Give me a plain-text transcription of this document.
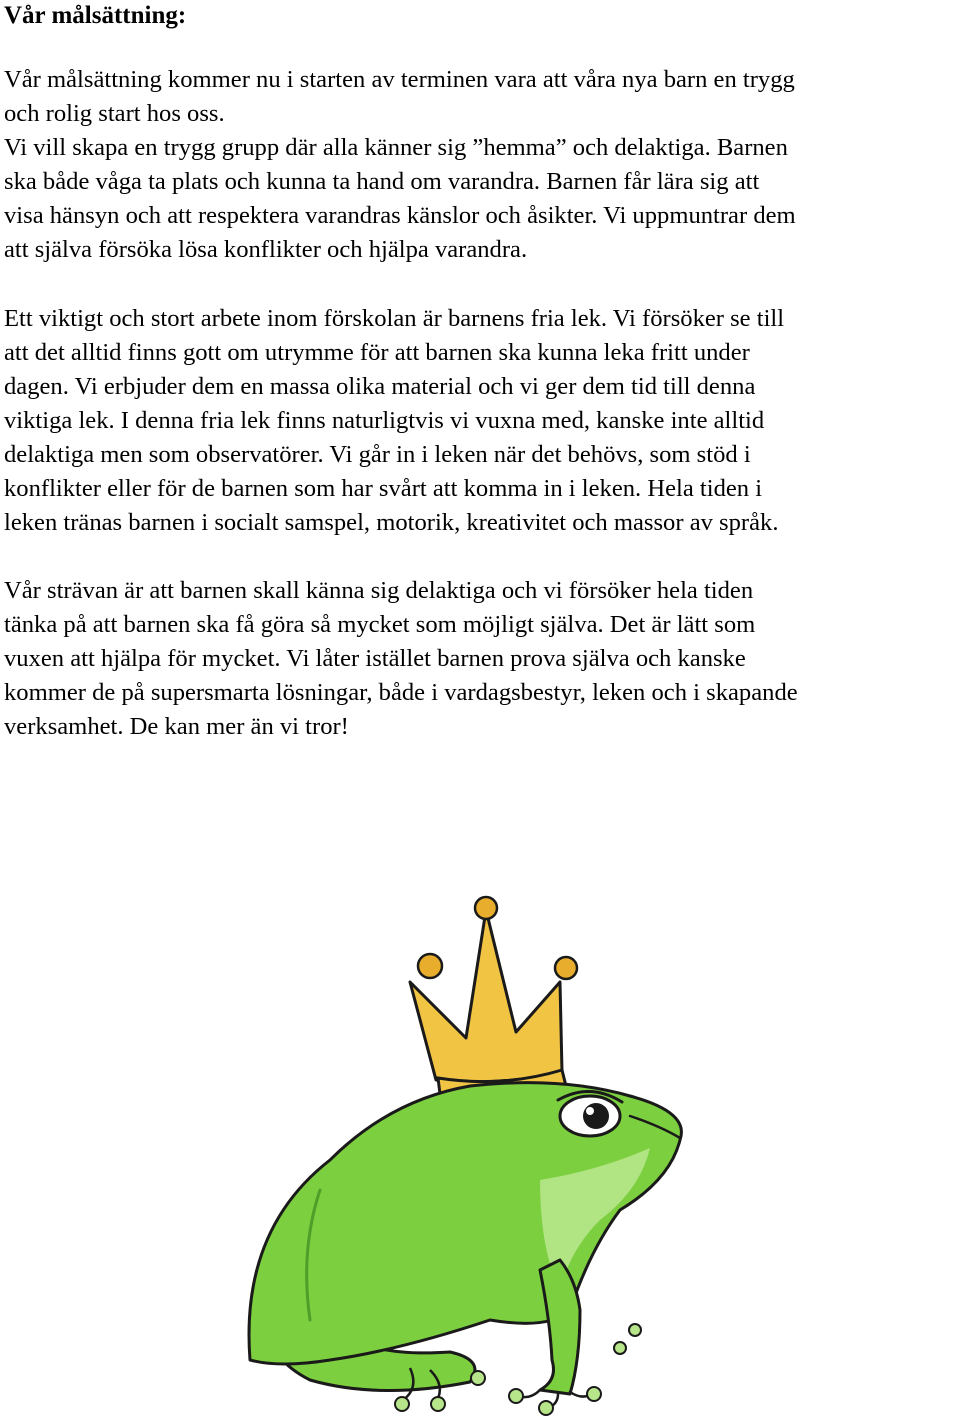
Vår målsättning:

Vår målsättning kommer nu i starten av terminen vara att våra nya barn en trygg
och rolig start hos oss.
Vi vill skapa en trygg grupp där alla känner sig ”hemma” och delaktiga. Barnen
ska både våga ta plats och kunna ta hand om varandra. Barnen får lära sig att
visa hänsyn och att respektera varandras känslor och åsikter. Vi uppmuntrar dem
att själva försöka lösa konflikter och hjälpa varandra.

Ett viktigt och stort arbete inom förskolan är barnens fria lek. Vi försöker se till
att det alltid finns gott om utrymme för att barnen ska kunna leka fritt under
dagen. Vi erbjuder dem en massa olika material och vi ger dem tid till denna
viktiga lek. I denna fria lek finns naturligtvis vi vuxna med, kanske inte alltid
delaktiga men som observatörer. Vi går in i leken när det behövs, som stöd i
konflikter eller för de barnen som har svårt att komma in i leken. Hela tiden i
leken tränas barnen i socialt samspel, motorik, kreativitet och massor av språk.

Vår strävan är att barnen skall känna sig delaktiga och vi försöker hela tiden
tänka på att barnen ska få göra så mycket som möjligt själva. Det är lätt som
vuxen att hjälpa för mycket. Vi låter istället barnen prova själva och kanske
kommer de på supersmarta lösningar, både i vardagsbestyr, leken och i skapande
verksamhet. De kan mer än vi tror!
